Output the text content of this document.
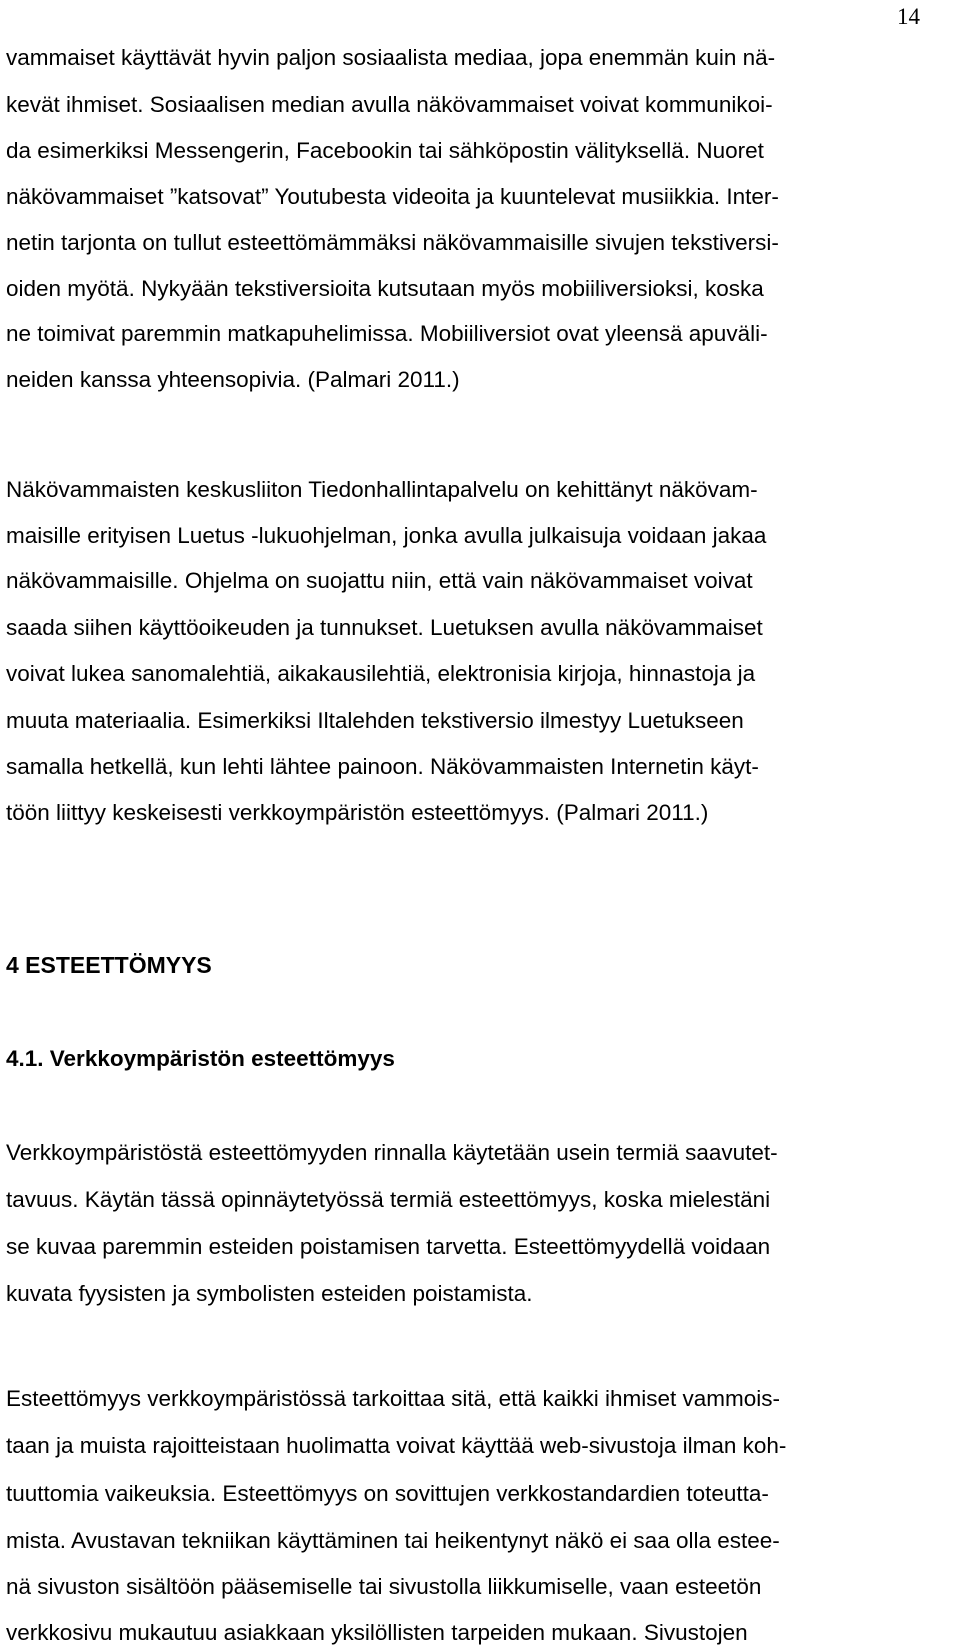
14

vammaiset käyttävät hyvin paljon sosiaalista mediaa, jopa enemmän kuin nä-

kevät ihmiset. Sosiaalisen median avulla näkövammaiset voivat kommunikoi-

da esimerkiksi Messengerin, Facebookin tai sähköpostin välityksellä. Nuoret

näkövammaiset ”katsovat” Youtubesta videoita ja kuuntelevat musiikkia. Inter-

netin tarjonta on tullut esteettömämmäksi näkövammaisille sivujen tekstiversi-

oiden myötä. Nykyään tekstiversioita kutsutaan myös mobiiliversioksi, koska

ne toimivat paremmin matkapuhelimissa. Mobiiliversiot ovat yleensä apuväli-

neiden kanssa yhteensopivia. (Palmari 2011.)

Näkövammaisten keskusliiton Tiedonhallintapalvelu on kehittänyt näkövam-

maisille erityisen Luetus -lukuohjelman, jonka avulla julkaisuja voidaan jakaa

näkövammaisille. Ohjelma on suojattu niin, että vain näkövammaiset voivat

saada siihen käyttöoikeuden ja tunnukset. Luetuksen avulla näkövammaiset

voivat lukea sanomalehtiä, aikakausilehtiä, elektronisia kirjoja, hinnastoja ja

muuta materiaalia. Esimerkiksi Iltalehden tekstiversio ilmestyy Luetukseen

samalla hetkellä, kun lehti lähtee painoon. Näkövammaisten Internetin käyt-

töön liittyy keskeisesti verkkoympäristön esteettömyys. (Palmari 2011.)

4 ESTEETTÖMYYS
4.1. Verkkoympäristön esteettömyys

Verkkoympäristöstä esteettömyyden rinnalla käytetään usein termiä saavutet-

tavuus. Käytän tässä opinnäytetyössä termiä esteettömyys, koska mielestäni

se kuvaa paremmin esteiden poistamisen tarvetta. Esteettömyydellä voidaan

kuvata fyysisten ja symbolisten esteiden poistamista.

Esteettömyys verkkoympäristössä tarkoittaa sitä, että kaikki ihmiset vammois-

taan ja muista rajoitteistaan huolimatta voivat käyttää web-sivustoja ilman koh-

tuuttomia vaikeuksia. Esteettömyys on sovittujen verkkostandardien toteutta-

mista. Avustavan tekniikan käyttäminen tai heikentynyt näkö ei saa olla estee-

nä sivuston sisältöön pääsemiselle tai sivustolla liikkumiselle, vaan esteetön

verkkosivu mukautuu asiakkaan yksilöllisten tarpeiden mukaan. Sivustojen
